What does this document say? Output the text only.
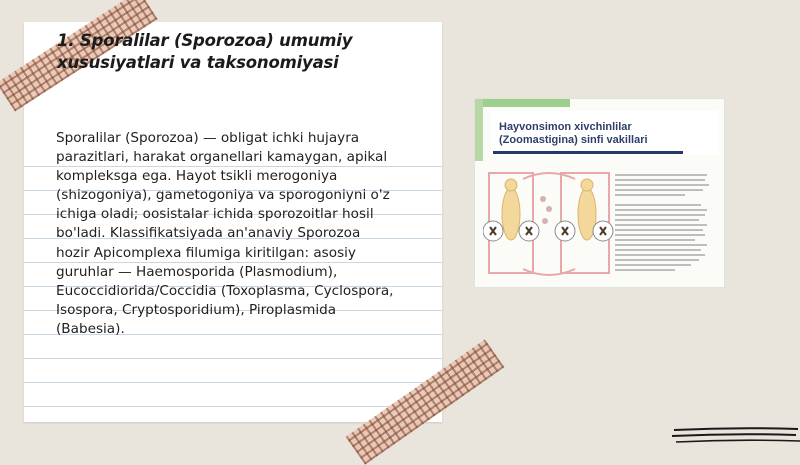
1. Sporalilar (Sporozoa) umumiy xususiyatlari va taksonomiyasi

Sporalilar (Sporozoa) — obligat ichki hujayra parazitlari, harakat organellari kamaygan, apikal kompleksga ega. Hayot tsikli merogoniya (shizogoniya), gametogoniya va sporogoniyni o'z ichiga oladi; oosistalar ichida sporozoitlar hosil bo'ladi. Klassifikatsiyada an'anaviy Sporozoa hozir Apicomplexa filumiga kiritilgan: asosiy guruhlar — Haemosporida (Plasmodium), Eucoccidiorida/Coccidia (Toxoplasma, Cyclospora, Isospora, Cryptosporidium), Piroplasmida (Babesia).

Hayvonsimon xivchinlilar
(Zoomastigina) sinfi vakillari
